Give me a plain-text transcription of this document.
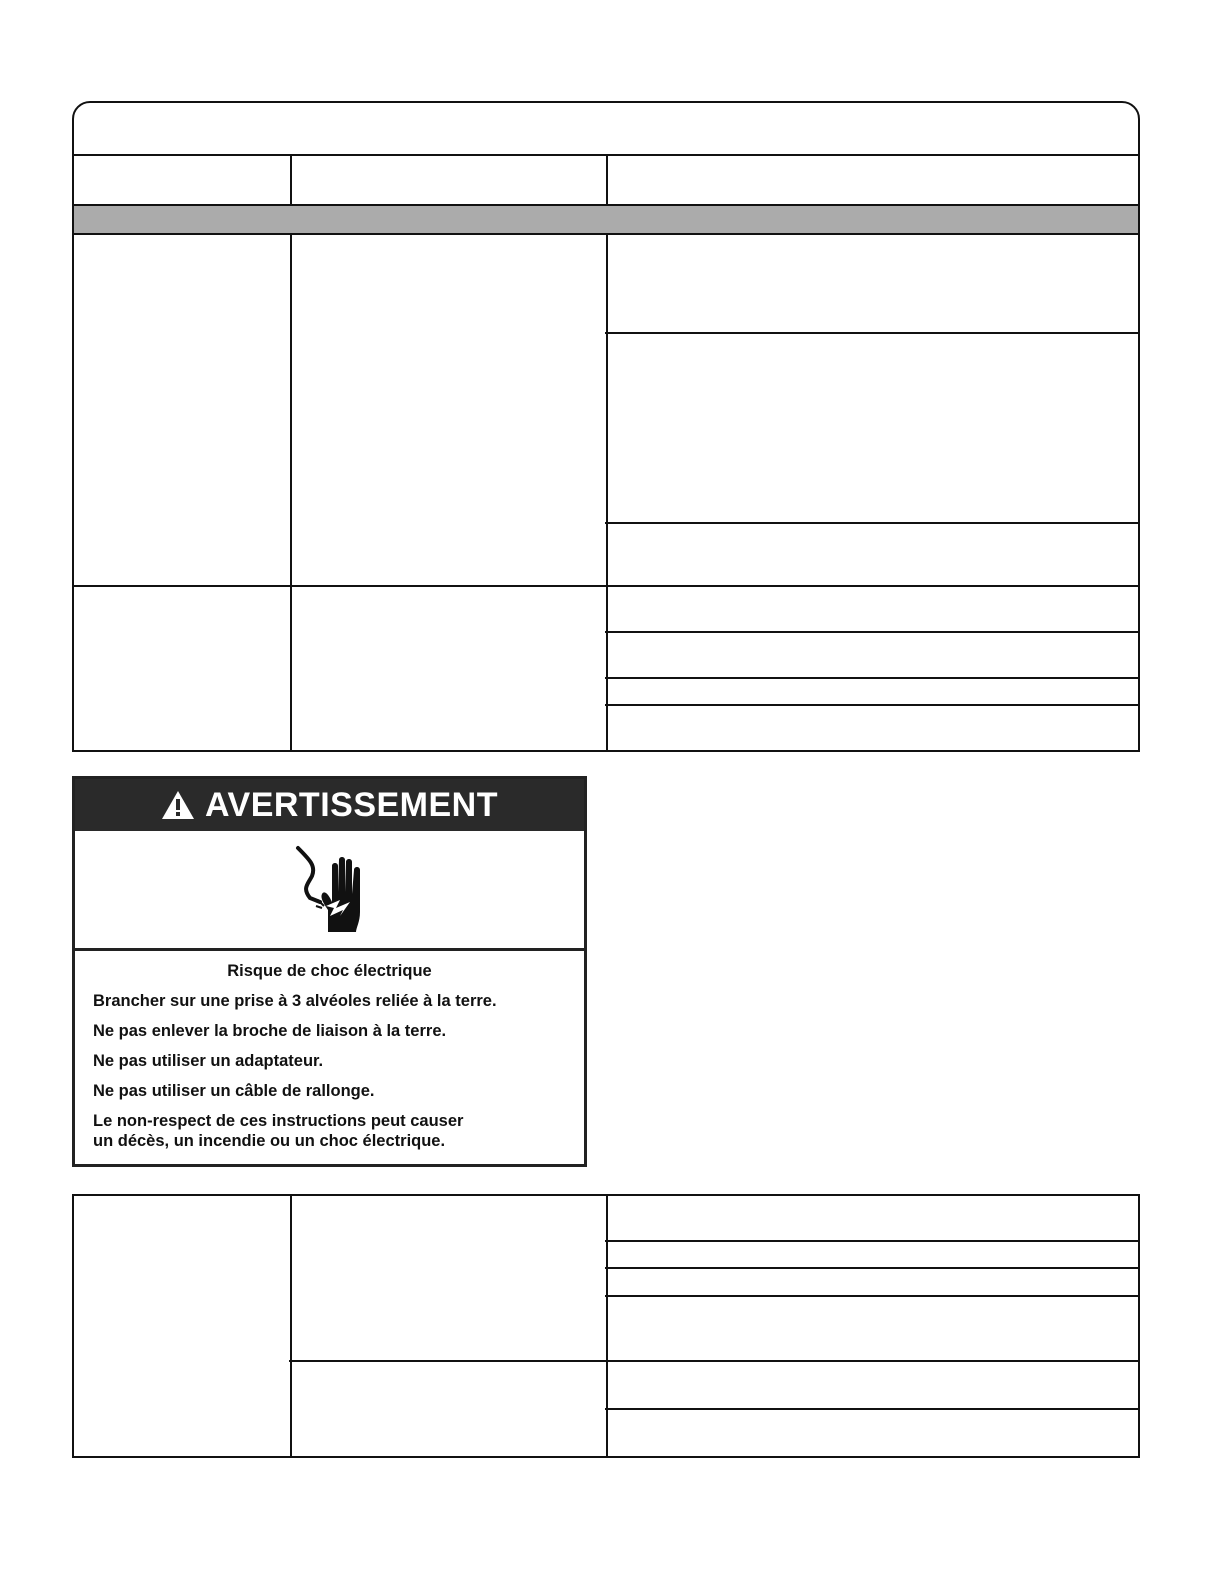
AVERTISSEMENT
Risque de choc électrique
Brancher sur une prise à 3 alvéoles reliée à la terre.
Ne pas enlever la broche de liaison à la terre.
Ne pas utiliser un adaptateur.
Ne pas utiliser un câble de rallonge.
Le non-respect de ces instructions peut causer
un décès, un incendie ou un choc électrique.
